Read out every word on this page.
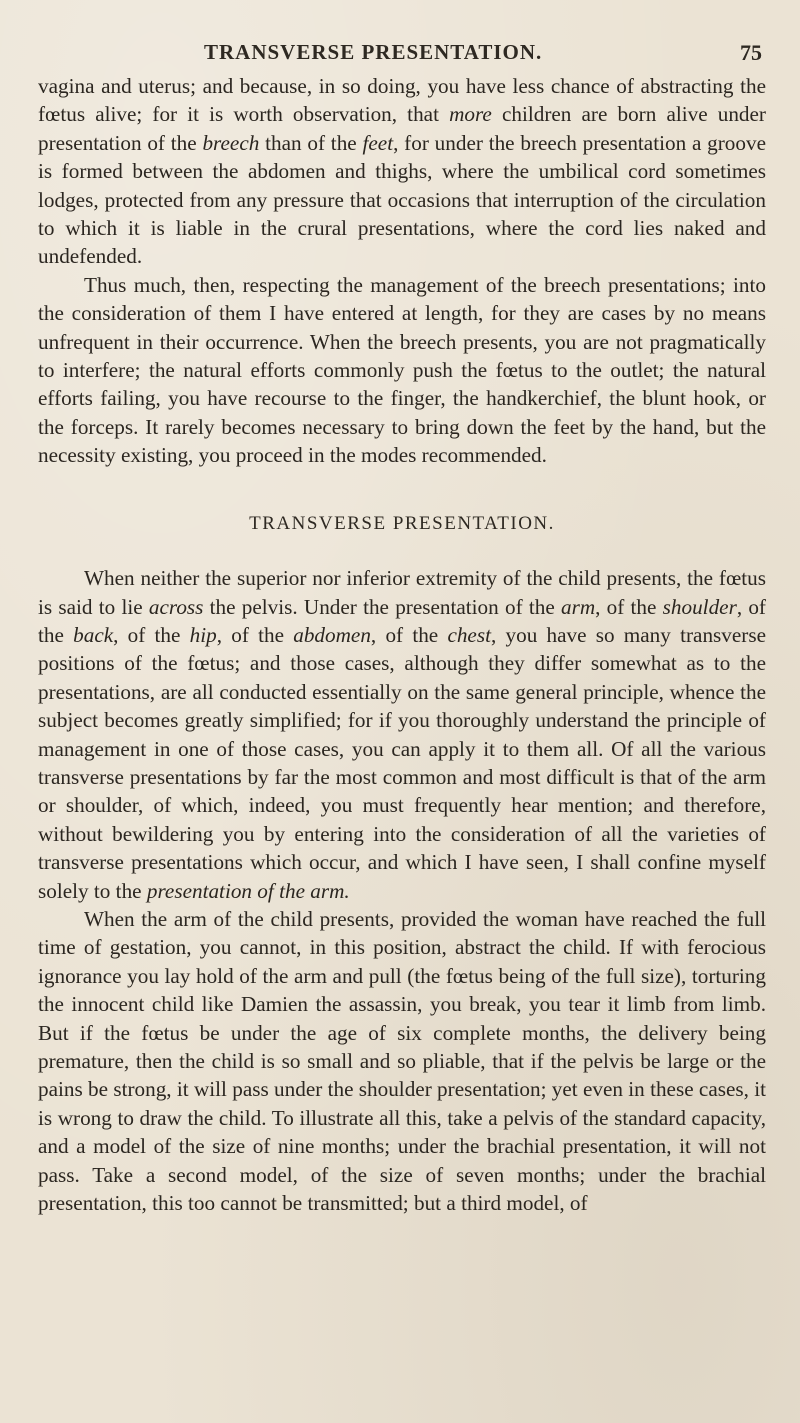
TRANSVERSE PRESENTATION.	75

vagina and uterus; and because, in so doing, you have less chance of abstracting the fœtus alive; for it is worth observation, that more children are born alive under presentation of the breech than of the feet, for under the breech presentation a groove is formed between the abdomen and thighs, where the umbilical cord sometimes lodges, protected from any pressure that occasions that interruption of the circulation to which it is liable in the crural presentations, where the cord lies naked and undefended.

Thus much, then, respecting the management of the breech presentations; into the consideration of them I have entered at length, for they are cases by no means unfrequent in their occurrence. When the breech presents, you are not pragmatically to interfere; the natural efforts commonly push the fœtus to the outlet; the natural efforts failing, you have recourse to the finger, the handkerchief, the blunt hook, or the forceps. It rarely becomes necessary to bring down the feet by the hand, but the necessity existing, you proceed in the modes recommended.

TRANSVERSE PRESENTATION.

When neither the superior nor inferior extremity of the child presents, the fœtus is said to lie across the pelvis. Under the presentation of the arm, of the shoulder, of the back, of the hip, of the abdomen, of the chest, you have so many transverse positions of the fœtus; and those cases, although they differ somewhat as to the presentations, are all conducted essentially on the same general principle, whence the subject becomes greatly simplified; for if you thoroughly understand the principle of management in one of those cases, you can apply it to them all. Of all the various transverse presentations by far the most common and most difficult is that of the arm or shoulder, of which, indeed, you must frequently hear mention; and therefore, without bewildering you by entering into the consideration of all the varieties of transverse presentations which occur, and which I have seen, I shall confine myself solely to the presentation of the arm.

When the arm of the child presents, provided the woman have reached the full time of gestation, you cannot, in this position, abstract the child. If with ferocious ignorance you lay hold of the arm and pull (the fœtus being of the full size), torturing the innocent child like Damien the assassin, you break, you tear it limb from limb. But if the fœtus be under the age of six complete months, the delivery being premature, then the child is so small and so pliable, that if the pelvis be large or the pains be strong, it will pass under the shoulder presentation; yet even in these cases, it is wrong to draw the child. To illustrate all this, take a pelvis of the standard capacity, and a model of the size of nine months; under the brachial presentation, it will not pass. Take a second model, of the size of seven months; under the brachial presentation, this too cannot be transmitted; but a third model, of
